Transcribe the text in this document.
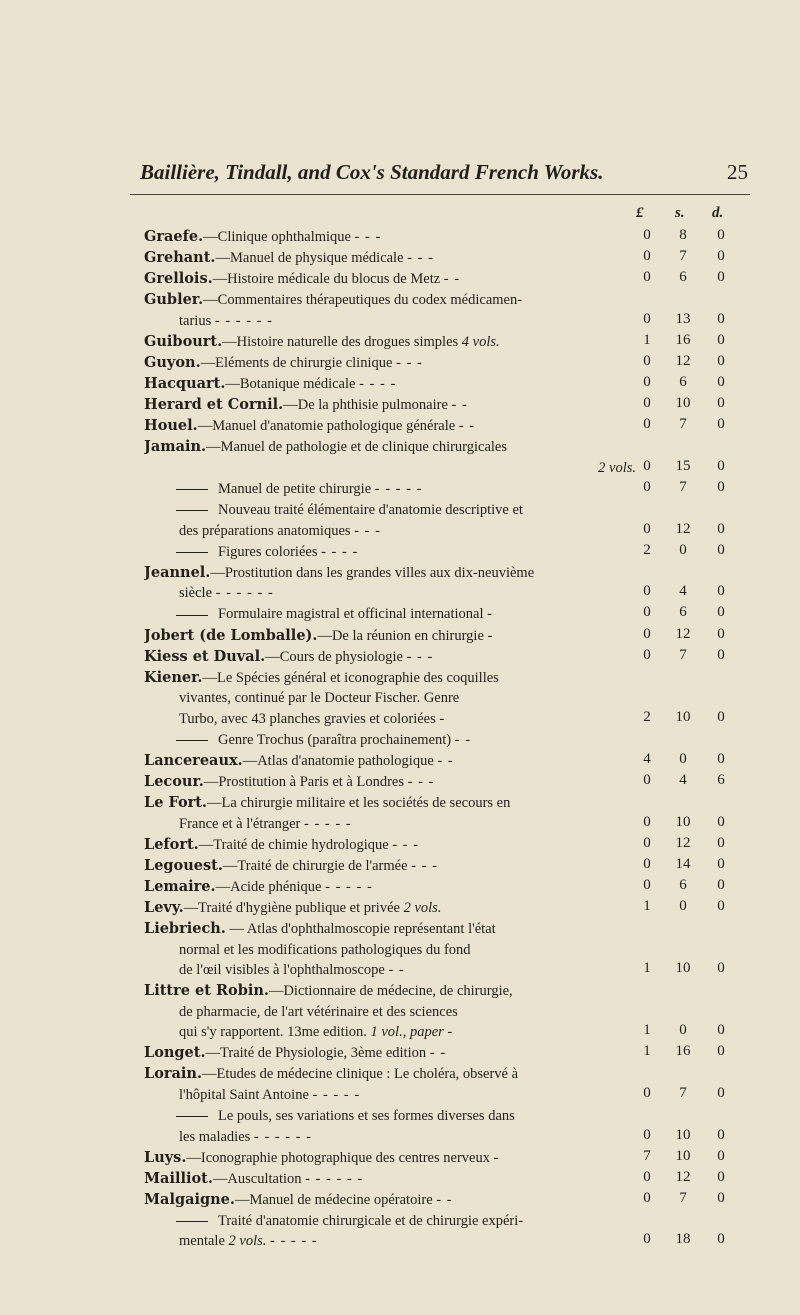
Baillière, Tindall, and Cox's Standard French Works.	25
£ s. d.
Graefe.—Clinique ophthalmique - - -	0	8	0
Grehant.—Manuel de physique médicale - - -	0	7	0
Grellois.—Histoire médicale du blocus de Metz - -	0	6	0
Gubler.—Commentaires thérapeutiques du codex médicamen-
tarius - - - - - -	0	13	0
Guibourt.—Histoire naturelle des drogues simples 4 vols.	1	16	0
Guyon.—Eléments de chirurgie clinique - - -	0	12	0
Hacquart.—Botanique médicale - - - -	0	6	0
Herard et Cornil.—De la phthisie pulmonaire - -	0	10	0
Houel.—Manuel d'anatomie pathologique générale - -	0	7	0
Jamain.—Manuel de pathologie et de clinique chirurgicales
2 vols. 0	15	0
Manuel de petite chirurgie - - - - -	0	7	0
Nouveau traité élémentaire d'anatomie descriptive et
des préparations anatomiques - - -	0	12	0
Figures coloriées - - - -	2	0	0
Jeannel.—Prostitution dans les grandes villes aux dix-neuvième
siècle - - - - - -	0	4	0
Formulaire magistral et officinal international -	0	6	0
Jobert (de Lomballe).—De la réunion en chirurgie -	0	12	0
Kiess et Duval.—Cours de physiologie - - -	0	7	0
Kiener.—Le Spécies général et iconographie des coquilles
vivantes, continué par le Docteur Fischer. Genre
Turbo, avec 43 planches gravies et coloriées -	2	10	0
Genre Trochus (paraîtra prochainement) - -
Lancereaux.—Atlas d'anatomie pathologique - -	4	0	0
Lecour.—Prostitution à Paris et à Londres - - -	0	4	6
Le Fort.—La chirurgie militaire et les sociétés de secours en
France et à l'étranger - - - - -	0	10	0
Lefort.—Traité de chimie hydrologique - - -	0	12	0
Legouest.—Traité de chirurgie de l'armée - - -	0	14	0
Lemaire.—Acide phénique - - - - -	0	6	0
Levy.—Traité d'hygiène publique et privée 2 vols.	1	0	0
Liebriech. — Atlas d'ophthalmoscopie représentant l'état
normal et les modifications pathologiques du fond
de l'œil visibles à l'ophthalmoscope - -	1	10	0
Littre et Robin.—Dictionnaire de médecine, de chirurgie,
de pharmacie, de l'art vétérinaire et des sciences
qui s'y rapportent. 13me edition. 1 vol., paper -	1	0	0
Longet.—Traité de Physiologie, 3ème edition - -	1	16	0
Lorain.—Etudes de médecine clinique : Le choléra, observé à
l'hôpital Saint Antoine - - - - -	0	7	0
Le pouls, ses variations et ses formes diverses dans
les maladies - - - - - -	0	10	0
Luys.—Iconographie photographique des centres nerveux -	7	10	0
Mailliot.—Auscultation - - - - - -	0	12	0
Malgaigne.—Manuel de médecine opératoire - -	0	7	0
Traité d'anatomie chirurgicale et de chirurgie expéri-
mentale 2 vols. - - - - -	0	18	0
